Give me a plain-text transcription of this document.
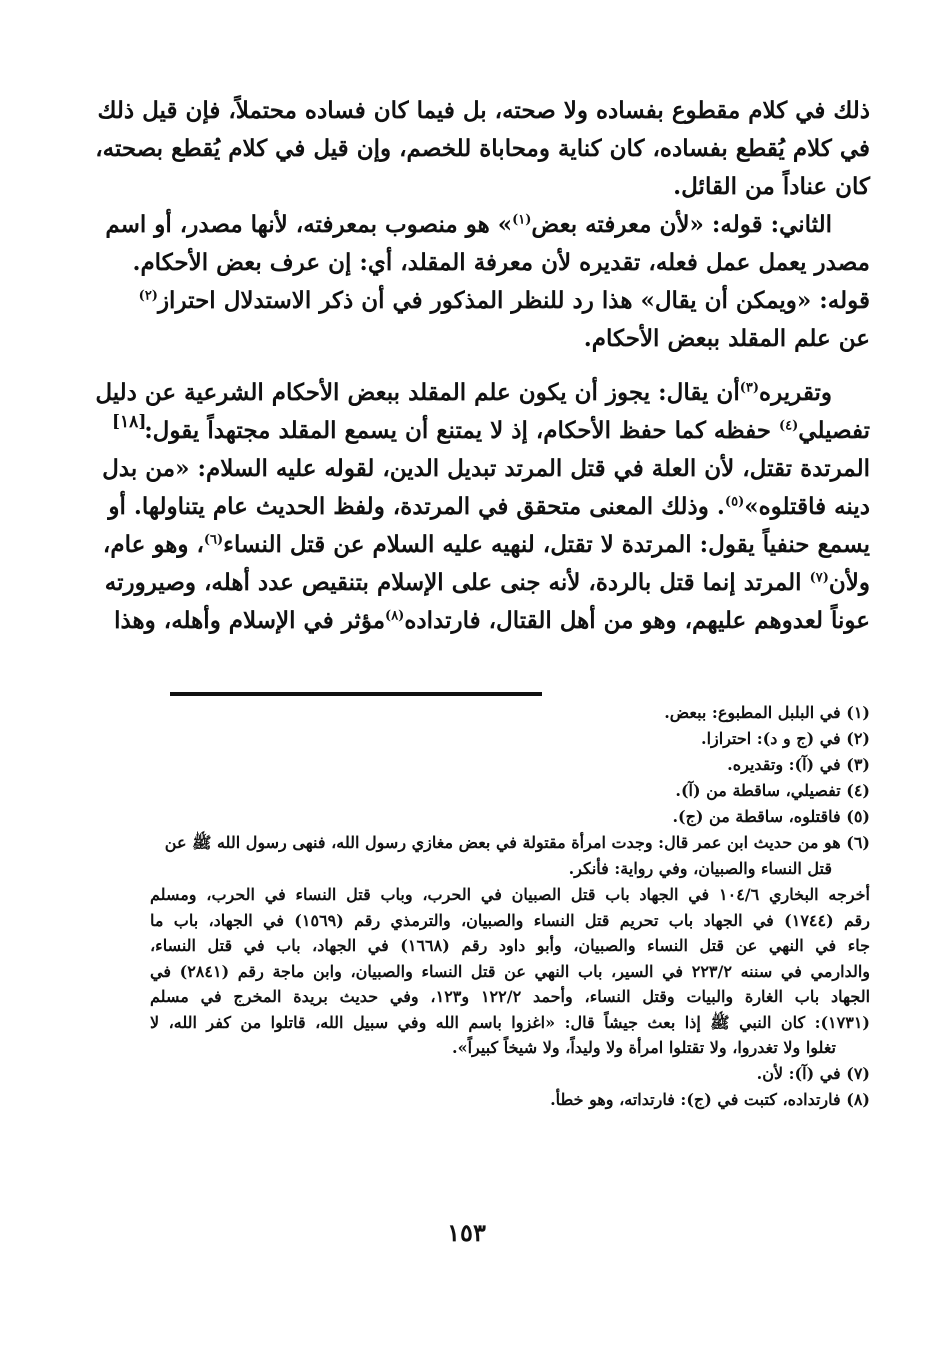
ذلك في كلام مقطوع بفساده ولا صحته، بل فيما كان فساده محتملاً، فإن قيل ذلك
في كلام يُقطع بفساده، كان كناية ومحاباة للخصم، وإن قيل في كلام يُقطع بصحته،
كان عناداً من القائل.
الثاني: قوله: «لأن معرفته بعض$^{(١)}$» هو منصوب بمعرفته، لأنها مصدر، أو اسم
مصدر يعمل عمل فعله، تقديره لأن معرفة المقلد، أي: إن عرف بعض الأحكام.
قوله: «ويمكن أن يقال» هذا رد للنظر المذكور في أن ذكر الاستدلال احتراز$^{(٢)}$
عن علم المقلد ببعض الأحكام.
وتقريره$^{(٣)}$أن يقال: يجوز أن يكون علم المقلد ببعض الأحكام الشرعية عن دليل
تفصيلي$^{(٤)}$ حفظه كما حفظ الأحكام، إذ لا يمتنع أن يسمع المقلد مجتهداً يقول:
المرتدة تقتل، لأن العلة في قتل المرتد تبديل الدين، لقوله عليه السلام: «من بدل
دينه فاقتلوه»$^{(٥)}$. وذلك المعنى متحقق في المرتدة، ولفظ الحديث عام يتناولها. أو
يسمع حنفياً يقول: المرتدة لا تقتل، لنهيه عليه السلام عن قتل النساء$^{(٦)}$، وهو عام،
ولأن$^{(٧)}$ المرتد إنما قتل بالردة، لأنه جنى على الإسلام بتنقيص عدد أهله، وصيرورته
عوناً لعدوهم عليهم، وهو من أهل القتال، فارتداده$^{(٨)}$مؤثر في الإسلام وأهله، وهذا
[١٨]
(١) في البلبل المطبوع: ببعض.
(٢) في (ج و د): احترازا.
(٣) في (آ): وتقديره.
(٤) تفصيلي، ساقطة من (آ).
(٥) فاقتلوه، ساقطة من (ج).
(٦) هو من حديث ابن عمر قال: وجدت امرأة مقتولة في بعض مغازي رسول الله، فنهى رسول الله ﷺ عن
قتل النساء والصبيان، وفي رواية: فأنكر.
أخرجه البخاري ١٠٤/٦ في الجهاد باب قتل الصبيان في الحرب، وباب قتل النساء في الحرب، ومسلم
رقم (١٧٤٤) في الجهاد باب تحريم قتل النساء والصبيان، والترمذي رقم (١٥٦٩) في الجهاد، باب ما
جاء في النهي عن قتل النساء والصبيان، وأبو داود رقم (١٦٦٨) في الجهاد، باب في قتل النساء،
والدارمي في سننه ٢٢٣/٢ في السير، باب النهي عن قتل النساء والصبيان، وابن ماجة رقم (٢٨٤١) في
الجهاد باب الغارة والبيات وقتل النساء، وأحمد ١٢٢/٢ و١٢٣، وفي حديث بريدة المخرج في مسلم
(١٧٣١): كان النبي ﷺ إذا بعث جيشاً قال: «اغزوا باسم الله وفي سبيل الله، قاتلوا من كفر الله، لا
تغلوا ولا تغدروا، ولا تقتلوا امرأة ولا وليداً، ولا شيخاً كبيراً».
(٧) في (آ): لأن.
(٨) فارتداده، كتبت في (ج): فارتداته، وهو خطأ.
١٥٣
